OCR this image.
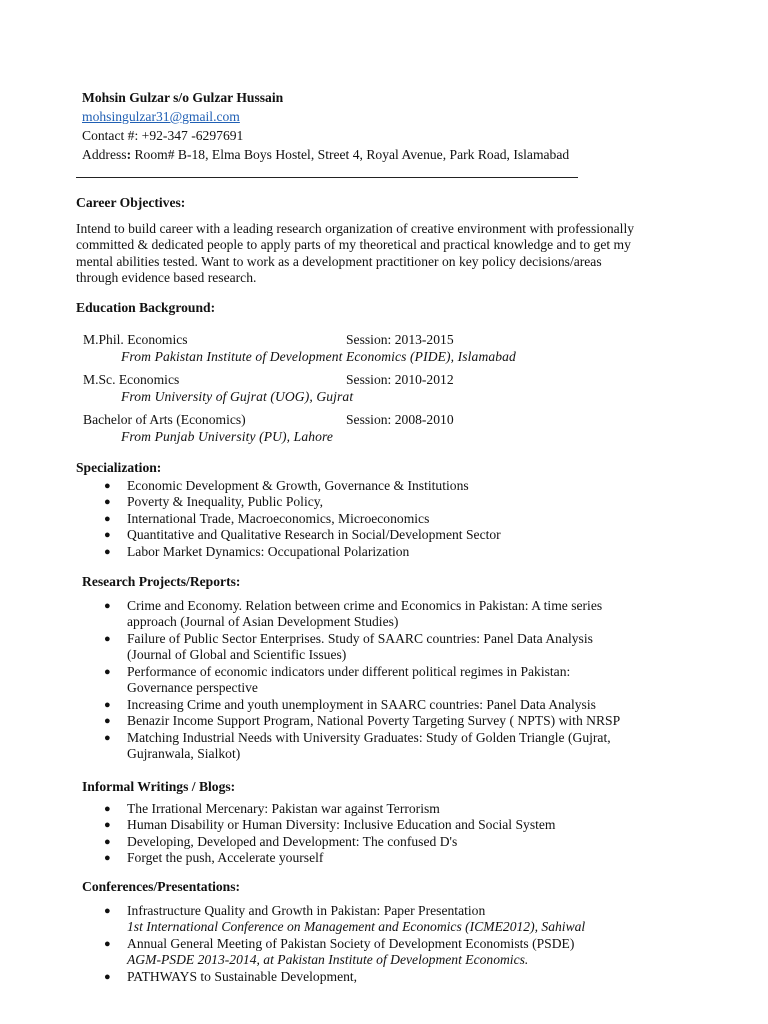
Mohsin Gulzar s/o Gulzar Hussain
mohsingulzar31@gmail.com
Contact #: +92-347 -6297691
Address: Room# B-18, Elma Boys Hostel, Street 4, Royal Avenue, Park Road, Islamabad
Career Objectives:
Intend to build career with a leading research organization of creative environment with professionally
committed & dedicated people to apply parts of my theoretical and practical knowledge and to get my
mental abilities tested. Want to work as a development practitioner on key policy decisions/areas
through evidence based research.
Education Background:
M.Phil. Economics	Session: 2013-2015
From Pakistan Institute of Development Economics (PIDE), Islamabad
M.Sc. Economics	Session: 2010-2012
From University of Gujrat (UOG), Gujrat
Bachelor of Arts (Economics)	Session: 2008-2010
From Punjab University (PU), Lahore
Specialization:
● Economic Development & Growth, Governance & Institutions
● Poverty & Inequality, Public Policy,
● International Trade, Macroeconomics, Microeconomics
● Quantitative and Qualitative Research in Social/Development Sector
● Labor Market Dynamics: Occupational Polarization
Research Projects/Reports:
● Crime and Economy. Relation between crime and Economics in Pakistan: A time series
approach (Journal of Asian Development Studies)
● Failure of Public Sector Enterprises. Study of SAARC countries: Panel Data Analysis
(Journal of Global and Scientific Issues)
● Performance of economic indicators under different political regimes in Pakistan:
Governance perspective
● Increasing Crime and youth unemployment in SAARC countries: Panel Data Analysis
● Benazir Income Support Program, National Poverty Targeting Survey ( NPTS) with NRSP
● Matching Industrial Needs with University Graduates: Study of Golden Triangle (Gujrat,
Gujranwala, Sialkot)
Informal Writings / Blogs:
● The Irrational Mercenary: Pakistan war against Terrorism
● Human Disability or Human Diversity: Inclusive Education and Social System
● Developing, Developed and Development: The confused D's
● Forget the push, Accelerate yourself
Conferences/Presentations:
● Infrastructure Quality and Growth in Pakistan: Paper Presentation
1st International Conference on Management and Economics (ICME2012), Sahiwal
● Annual General Meeting of Pakistan Society of Development Economists (PSDE)
AGM-PSDE 2013-2014, at Pakistan Institute of Development Economics.
● PATHWAYS to Sustainable Development,
